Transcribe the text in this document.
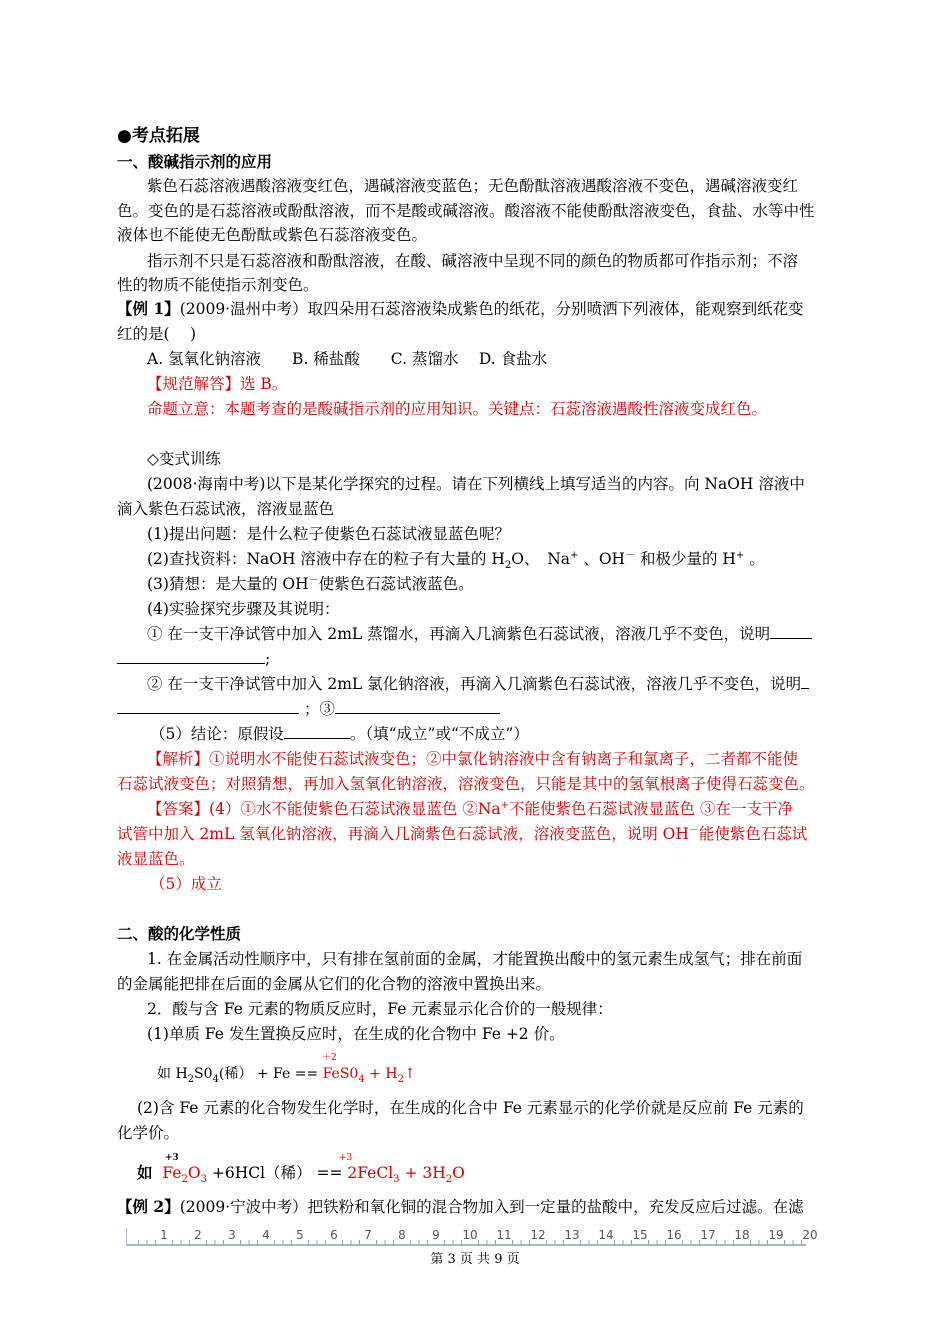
●考点拓展
一、酸碱指示剂的应用
紫色石蕊溶液遇酸溶液变红色，遇碱溶液变蓝色；无色酚酞溶液遇酸溶液不变色，遇碱溶液变红
色。变色的是石蕊溶液或酚酞溶液，而不是酸或碱溶液。酸溶液不能使酚酞溶液变色，食盐、水等中性
液体也不能使无色酚酞或紫色石蕊溶液变色。
指示剂不只是石蕊溶液和酚酞溶液，在酸、碱溶液中呈现不同的颜色的物质都可作指示剂；不溶
性的物质不能使指示剂变色。
【例 1】(2009·温州中考）取四朵用石蕊溶液染成紫色的纸花，分别喷洒下列液体，能观察到纸花变
红的是(　 )
A. 氢氧化钠溶液　　B. 稀盐酸　　C. 蒸馏水　 D. 食盐水
【规范解答】选 B。
命题立意：本题考查的是酸碱指示剂的应用知识。关键点：石蕊溶液遇酸性溶液变成红色。
◇变式训练
(2008·海南中考)以下是某化学探究的过程。请在下列横线上填写适当的内容。向 NaOH 溶液中
滴入紫色石蕊试液，溶液显蓝色
(1)提出问题：是什么粒子使紫色石蕊试液显蓝色呢？
(2)查找资料：NaOH 溶液中存在的粒子有大量的 $H_2O$、　Na+ 、OH－ 和极少量的 H+ 。
(3)猜想：是大量的 OH－使紫色石蕊试液蓝色。
(4)实验探究步骤及其说明：
① 在一支干净试管中加入 2mL 蒸馏水，再滴入几滴紫色石蕊试液，溶液几乎不变色，说明
;
② 在一支干净试管中加入 2mL 氯化钠溶液，再滴入几滴紫色石蕊试液，溶液几乎不变色，说明
；③
（5）结论：原假设	。（填“成立”或“不成立”）
【解析】①说明水不能使石蕊试液变色；②中氯化钠溶液中含有钠离子和氯离子，二者都不能使
石蕊试液变色；对照猜想，再加入氢氧化钠溶液，溶液变色，只能是其中的氢氧根离子使得石蕊变色。
【答案】(4）①水不能使紫色石蕊试液显蓝色 ②Na+不能使紫色石蕊试液显蓝色 ③在一支干净
试管中加入 2mL 氢氧化钠溶液，再滴入几滴紫色石蕊试液，溶液变蓝色，说明 OH－能使紫色石蕊试
液显蓝色。
（5）成立
二、酸的化学性质
1. 在金属活动性顺序中，只有排在氢前面的金属，才能置换出酸中的氢元素生成氢气；排在前面
的金属能把排在后面的金属从它们的化合物的溶液中置换出来。
2．酸与含 Fe 元素的物质反应时，Fe 元素显示化合价的一般规律：
(1)单质 Fe 发生置换反应时，在生成的化合物中 Fe +2 价。
如 $H_2S0_4$(稀） + $Fe == FeS0_4$ + $H_2↑$
＋2
(2)含 Fe 元素的化合物发生化学时，在生成的化合中 Fe 元素显示的化学价就是反应前 Fe 元素的
化学价。
如 $Fe_2O_3 +6HCl$（稀） == 2FeCl$_3$ + $3H_2O$
+3	+3
【例 2】(2009·宁波中考）把铁粉和氧化铜的混合物加入到一定量的盐酸中，充发反应后过滤。在滤
1 2 3 4 5 6 7 8 9 10 11 12 13 14 15 16 17 18 19 20
第 3 页 共 9 页
